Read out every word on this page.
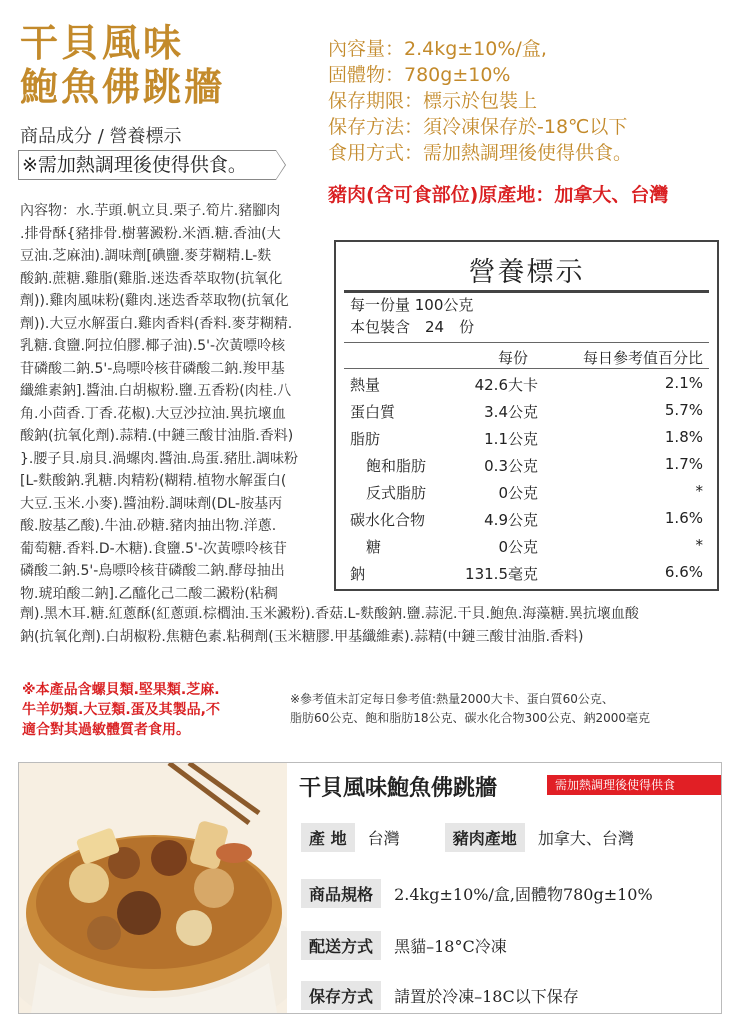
干貝風味
鮑魚佛跳牆
內容量：2.4kg±10%/盒,
固體物：780g±10%
保存期限：標示於包裝上
保存方法：須冷凍保存於-18℃以下
食用方式：需加熱調理後使得供食。
豬肉(含可食部位)原產地：加拿大、台灣
商品成分 / 營養標示
※需加熱調理後使得供食。
內容物：水.芋頭.帆立貝.栗子.筍片.豬腳肉
.排骨酥{豬排骨.樹薯澱粉.米酒.糖.香油(大
豆油.芝麻油).調味劑[碘鹽.麥芽糊精.L-麩
酸鈉.蔗糖.雞脂(雞脂.迷迭香萃取物(抗氧化
劑)).雞肉風味粉(雞肉.迷迭香萃取物(抗氧化
劑)).大豆水解蛋白.雞肉香料(香料.麥芽糊精.
乳糖.食鹽.阿拉伯膠.椰子油).5'-次黃嘌呤核
苷磷酸二鈉.5'-鳥嘌呤核苷磷酸二鈉.羧甲基
纖維素鈉].醬油.白胡椒粉.鹽.五香粉(肉桂.八
角.小茴香.丁香.花椒).大豆沙拉油.異抗壞血
酸鈉(抗氧化劑).蒜精.(中鏈三酸甘油脂.香料)
}.腰子貝.扇貝.渦螺肉.醬油.鳥蛋.豬肚.調味粉
[L-麩酸鈉.乳糖.肉精粉(糊精.植物水解蛋白(
大豆.玉米.小麥).醬油粉.調味劑(DL-胺基丙
酸.胺基乙酸).牛油.砂糖.豬肉抽出物.洋蔥.
葡萄糖.香料.D-木糖).食鹽.5'-次黃嘌呤核苷
磷酸二鈉.5'-鳥嘌呤核苷磷酸二鈉.酵母抽出
物.琥珀酸二鈉].乙醯化己二酸二澱粉(粘稠
劑).黑木耳.糖.紅蔥酥(紅蔥頭.棕櫚油.玉米澱粉).香菇.L-麩酸鈉.鹽.蒜泥.干貝.鮑魚.海藻糖.異抗壞血酸
鈉(抗氧化劑).白胡椒粉.焦糖色素.粘稠劑(玉米糖膠.甲基纖維素).蒜精(中鏈三酸甘油脂.香料)
營養標示
每一份量 100公克
本包裝含　24　份
每份	每日參考值百分比
熱量	42.6大卡	2.1%
蛋白質	3.4公克	5.7%
脂肪	1.1公克	1.8%
飽和脂肪	0.3公克	1.7%
反式脂肪	0公克	*
碳水化合物	4.9公克	1.6%
糖	0公克	*
鈉	131.5毫克	6.6%
※本產品含螺貝類.堅果類.芝麻.
牛羊奶類.大豆類.蛋及其製品,不
適合對其過敏體質者食用。
※參考值未訂定每日參考值:熱量2000大卡、蛋白質60公克、
脂肪60公克、飽和脂肪18公克、碳水化合物300公克、鈉2000毫克
干貝風味鮑魚佛跳牆	需加熱調理後使得供食
產 地 台灣	豬肉產地 加拿大、台灣
商品規格 2.4kg±10%/盒,固體物780g±10%
配送方式 黑貓–18°C冷凍
保存方式 請置於冷凍–18C以下保存
